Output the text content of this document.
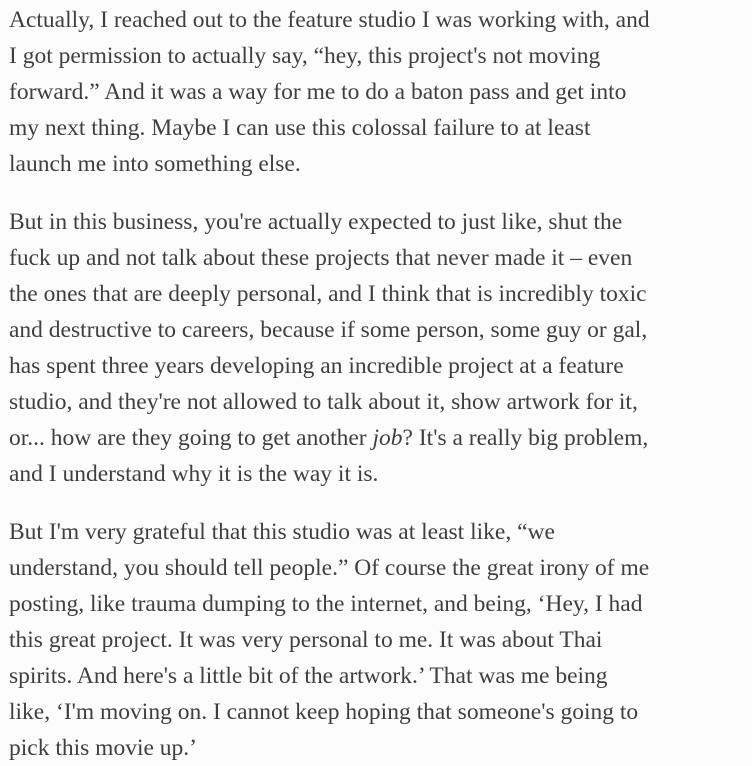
Actually, I reached out to the feature studio I was working with, and
I got permission to actually say, “hey, this project's not moving
forward.” And it was a way for me to do a baton pass and get into
my next thing. Maybe I can use this colossal failure to at least
launch me into something else.

But in this business, you're actually expected to just like, shut the
fuck up and not talk about these projects that never made it – even
the ones that are deeply personal, and I think that is incredibly toxic
and destructive to careers, because if some person, some guy or gal,
has spent three years developing an incredible project at a feature
studio, and they're not allowed to talk about it, show artwork for it,
or... how are they going to get another job? It's a really big problem,
and I understand why it is the way it is.

But I'm very grateful that this studio was at least like, “we
understand, you should tell people.” Of course the great irony of me
posting, like trauma dumping to the internet, and being, ‘Hey, I had
this great project. It was very personal to me. It was about Thai
spirits. And here's a little bit of the artwork.’ That was me being
like, ‘I'm moving on. I cannot keep hoping that someone's going to
pick this movie up.’
